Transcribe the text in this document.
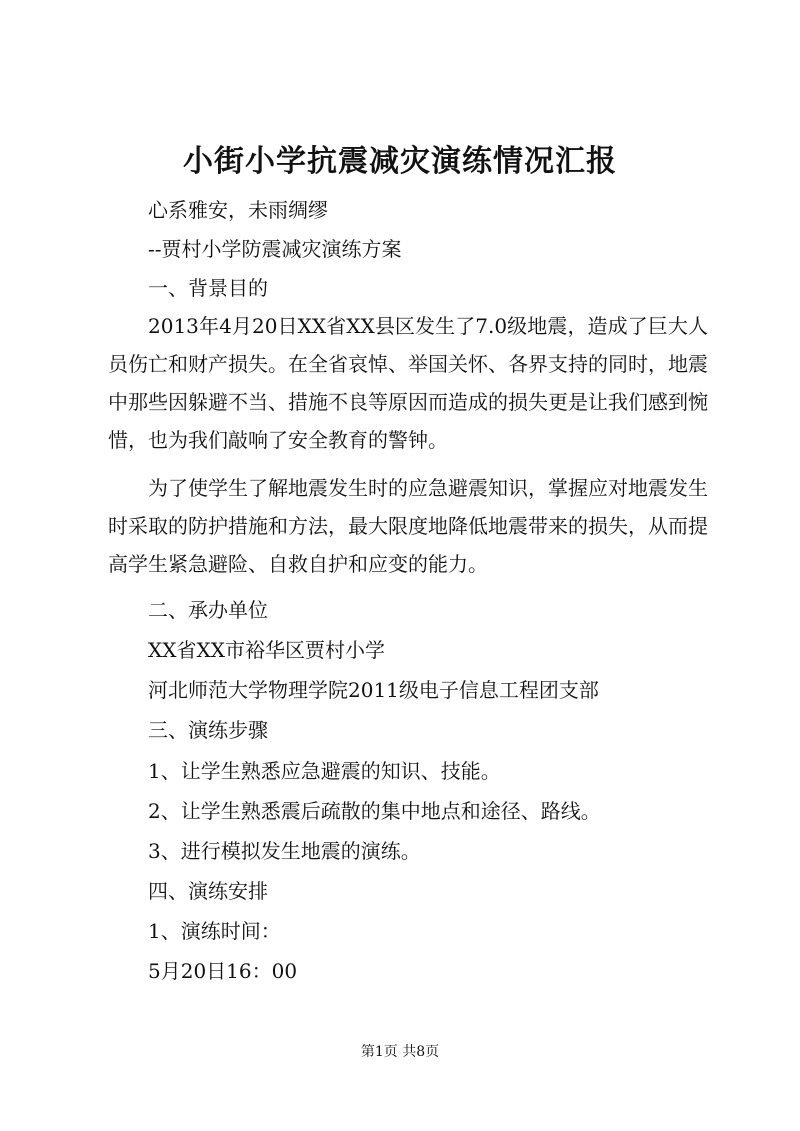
小街小学抗震减灾演练情况汇报
心系雅安，未雨绸缪
--贾村小学防震减灾演练方案
一、背景目的
2013年4月20日XX省XX县区发生了7.0级地震，造成了巨大人员伤亡和财产损失。在全省哀悼、举国关怀、各界支持的同时，地震中那些因躲避不当、措施不良等原因而造成的损失更是让我们感到惋惜，也为我们敲响了安全教育的警钟。
为了使学生了解地震发生时的应急避震知识，掌握应对地震发生时采取的防护措施和方法，最大限度地降低地震带来的损失，从而提高学生紧急避险、自救自护和应变的能力。
二、承办单位
XX省XX市裕华区贾村小学
河北师范大学物理学院2011级电子信息工程团支部
三、演练步骤
1、让学生熟悉应急避震的知识、技能。
2、让学生熟悉震后疏散的集中地点和途径、路线。
3、进行模拟发生地震的演练。
四、演练安排
1、演练时间：
5月20日16：00
第1页 共8页
